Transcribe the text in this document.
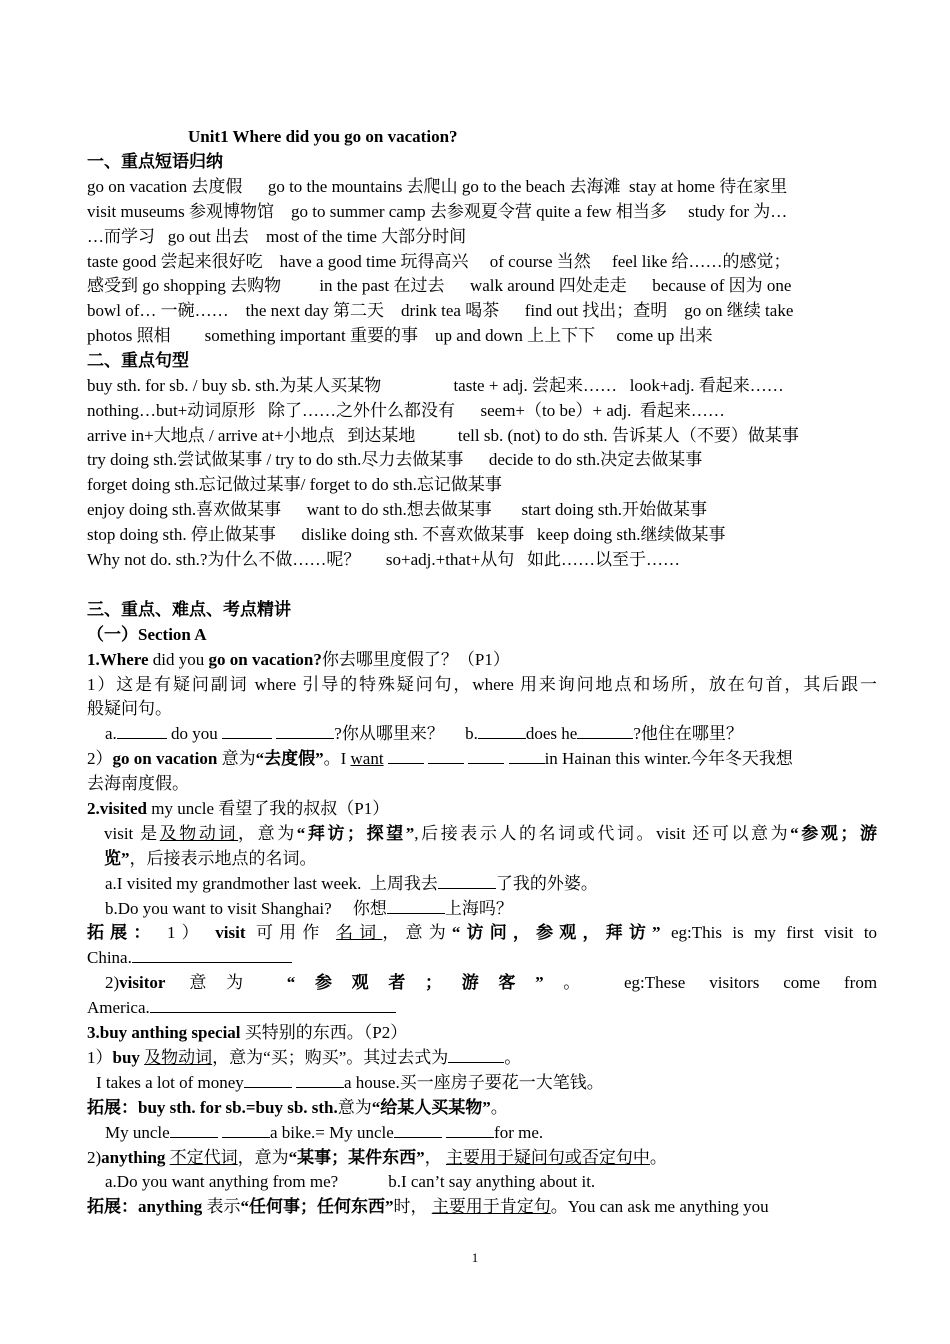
Unit1 Where did you go on vacation?
一、重点短语归纳
go on vacation 去度假      go to the mountains 去爬山 go to the beach 去海滩  stay at home 待在家里
visit museums 参观博物馆    go to summer camp 去参观夏令营 quite a few 相当多     study for 为…
…而学习   go out 出去    most of the time 大部分时间
taste good 尝起来很好吃    have a good time 玩得高兴     of course 当然     feel like 给……的感觉；
感受到 go shopping 去购物         in the past 在过去      walk around 四处走走      because of 因为 one
bowl of… 一碗……    the next day 第二天    drink tea 喝茶      find out 找出；查明    go on 继续 take
photos 照相        something important 重要的事    up and down 上上下下     come up 出来
二、重点句型
buy sth. for sb. / buy sb. sth.为某人买某物                 taste + adj. 尝起来……   look+adj. 看起来……
nothing…but+动词原形   除了……之外什么都没有      seem+（to be）+ adj.  看起来……
arrive in+大地点 / arrive at+小地点   到达某地          tell sb. (not) to do sth. 告诉某人（不要）做某事
try doing sth.尝试做某事 / try to do sth.尽力去做某事      decide to do sth.决定去做某事
forget doing sth.忘记做过某事/ forget to do sth.忘记做某事
enjoy doing sth.喜欢做某事      want to do sth.想去做某事       start doing sth.开始做某事
stop doing sth. 停止做某事      dislike doing sth. 不喜欢做某事   keep doing sth.继续做某事
Why not do. sth.?为什么不做……呢？      so+adj.+that+从句   如此……以至于……
三、重点、难点、考点精讲
（一）Section A
1.Where did you go on vacation?你去哪里度假了？（P1）
1）这是有疑问副词 where 引导的特殊疑问句，where 用来询问地点和场所，放在句首，其后跟一
般疑问句。
a.	do you	?你从哪里来？     b.	does he	?他住在哪里？
2）go on vacation 意为“去度假”。I want	in Hainan this winter.今年冬天我想
去海南度假。
2.visited my uncle 看望了我的叔叔（P1）
visit 是及物动词，意为“拜访；探望”,后接表示人的名词或代词。visit 还可以意为“参观；游
览”，后接表示地点的名词。
a.I visited my grandmother last week.  上周我去	了我的外婆。
b.Do you want to visit Shanghai?     你想	上海吗？
拓展： 1） visit 可用作 名词，意为“访问，参观，拜访” eg:This is my first visit to
China.
2)visitor 意为 “参观者；游客”。 eg:These visitors come from
America.
3.buy anthing special 买特别的东西。（P2）
1）buy 及物动词，意为“买；购买”。其过去式为	。
I takes a lot of money	a house.买一座房子要花一大笔钱。
拓展：buy sth. for sb.=buy sb. sth.意为“给某人买某物”。
My uncle	a bike.= My uncle	for me.
2)anything 不定代词，意为“某事；某件东西”， 主要用于疑问句或否定句中。
a.Do you want anything from me?	b.I can’t say anything about it.
拓展：anything 表示“任何事；任何东西”时， 主要用于肯定句。You can ask me anything you
1
